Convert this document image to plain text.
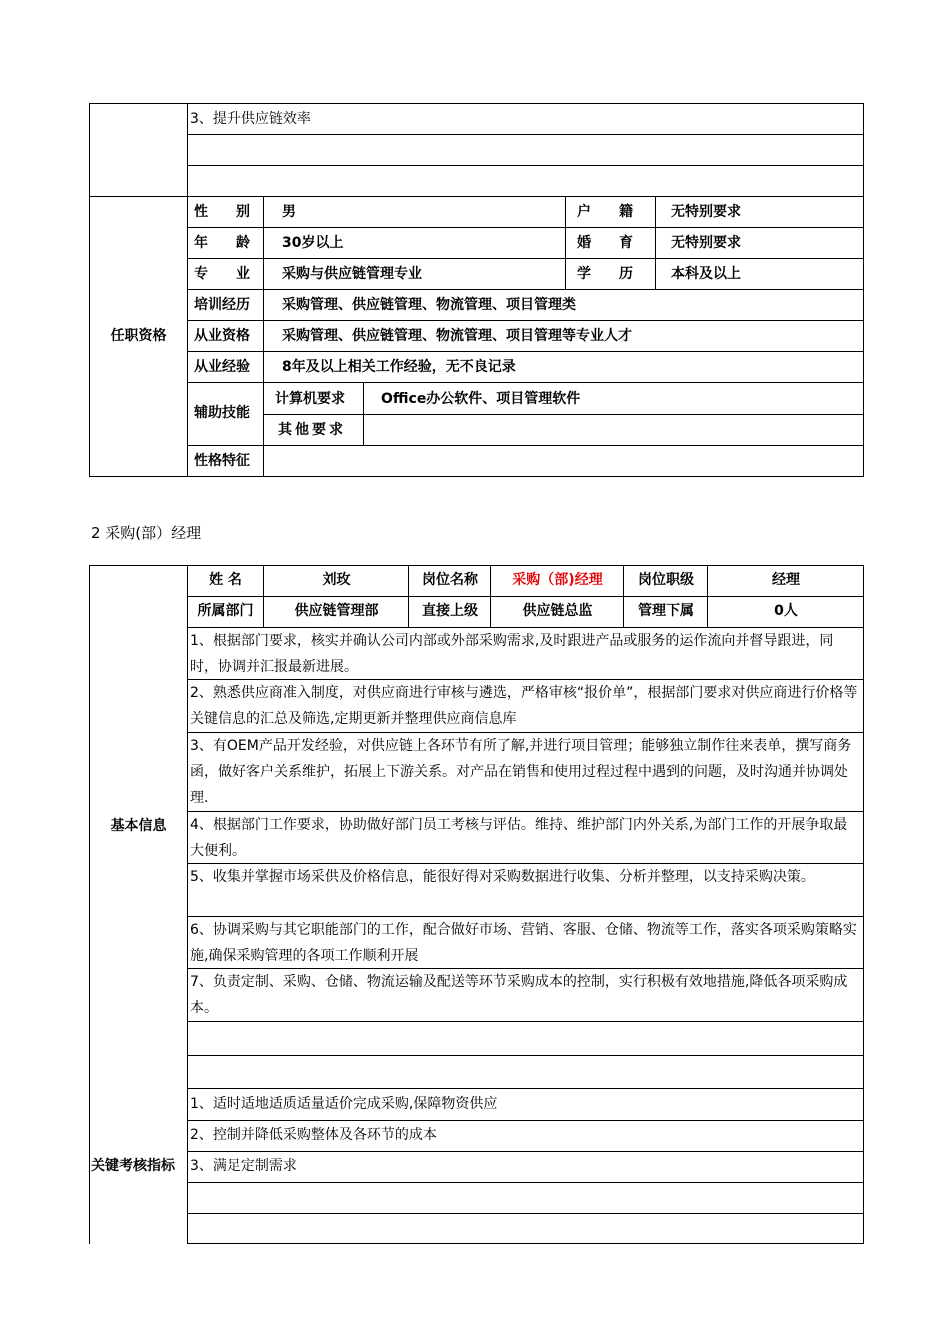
3、提升供应链效率
任职资格
性　　别 男	户　　籍	无特别要求
年　　龄 30岁以上	婚　　育	无特别要求
专　　业 采购与供应链管理专业	学　　历	本科及以上
培训经历 采购管理、供应链管理、物流管理、项目管理类
从业资格 采购管理、供应链管理、物流管理、项目管理等专业人才
从业经验 8年及以上相关工作经验，无不良记录
辅助技能
计算机要求	Office办公软件、项目管理软件
其他要求
性格特征
2 采购(部）经理
姓 名	刘玫	岗位名称	采购（部)经理	岗位职级	经理
所属部门	供应链管理部	直接上级	供应链总监	管理下属	0人
基本信息
1、根据部门要求，核实并确认公司内部或外部采购需求,及时跟进产品或服务的运作流向并督导跟进，同时，协调并汇报最新进展。
2、熟悉供应商准入制度，对供应商进行审核与遴选，严格审核“报价单”，根据部门要求对供应商进行价格等关键信息的汇总及筛选,定期更新并整理供应商信息库
3、有OEM产品开发经验，对供应链上各环节有所了解,并进行项目管理；能够独立制作往来表单，撰写商务函，做好客户关系维护，拓展上下游关系。对产品在销售和使用过程过程中遇到的问题，及时沟通并协调处理.
4、根据部门工作要求，协助做好部门员工考核与评估。维持、维护部门内外关系,为部门工作的开展争取最大便利。
5、收集并掌握市场采供及价格信息，能很好得对采购数据进行收集、分析并整理，以支持采购决策。
6、协调采购与其它职能部门的工作，配合做好市场、营销、客服、仓储、物流等工作，落实各项采购策略实施,确保采购管理的各项工作顺利开展
7、负责定制、采购、仓储、物流运输及配送等环节采购成本的控制，实行积极有效地措施,降低各项采购成本。
关键考核指标
1、适时适地适质适量适价完成采购,保障物资供应
2、控制并降低采购整体及各环节的成本
3、满足定制需求
